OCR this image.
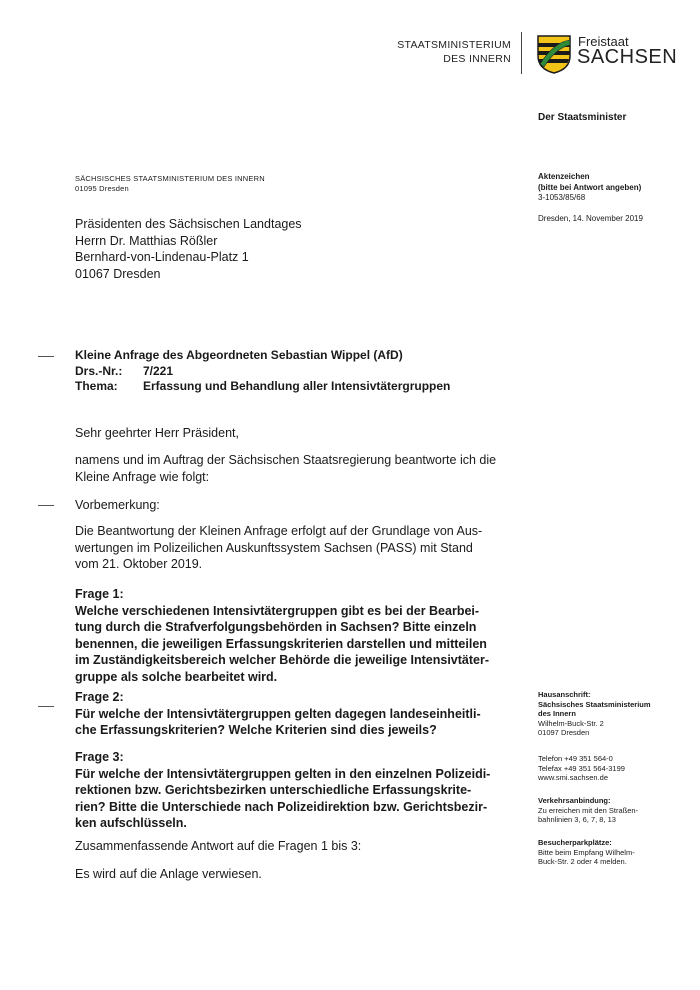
STAATSMINISTERIUM
DES INNERN
Freistaat
SACHSEN
Der Staatsminister
SÄCHSISCHES STAATSMINISTERIUM DES INNERN
01095 Dresden
Aktenzeichen
(bitte bei Antwort angeben)
3-1053/85/68
Dresden, 14. November 2019
Präsidenten des Sächsischen Landtages
Herrn Dr. Matthias Rößler
Bernhard-von-Lindenau-Platz 1
01067 Dresden
Kleine Anfrage des Abgeordneten Sebastian Wippel (AfD)
Drs.-Nr.: 7/221
Thema: Erfassung und Behandlung aller Intensivtätergruppen
Sehr geehrter Herr Präsident,
namens und im Auftrag der Sächsischen Staatsregierung beantworte ich die
Kleine Anfrage wie folgt:
Vorbemerkung:
Die Beantwortung der Kleinen Anfrage erfolgt auf der Grundlage von Aus-
wertungen im Polizeilichen Auskunftssystem Sachsen (PASS) mit Stand
vom 21. Oktober 2019.
Frage 1:
Welche verschiedenen Intensivtätergruppen gibt es bei der Bearbei-
tung durch die Strafverfolgungsbehörden in Sachsen? Bitte einzeln
benennen, die jeweiligen Erfassungskriterien darstellen und mitteilen
im Zuständigkeitsbereich welcher Behörde die jeweilige Intensivtäter-
gruppe als solche bearbeitet wird.
Frage 2:
Für welche der Intensivtätergruppen gelten dagegen landeseinheitli-
che Erfassungskriterien? Welche Kriterien sind dies jeweils?
Frage 3:
Für welche der Intensivtätergruppen gelten in den einzelnen Polizeidi-
rektionen bzw. Gerichtsbezirken unterschiedliche Erfassungskrite-
rien? Bitte die Unterschiede nach Polizeidirektion bzw. Gerichtsbezir-
ken aufschlüsseln.
Zusammenfassende Antwort auf die Fragen 1 bis 3:
Es wird auf die Anlage verwiesen.
Hausanschrift:
Sächsisches Staatsministerium
des Innern
Wilhelm-Buck-Str. 2
01097 Dresden
Telefon +49 351 564-0
Telefax +49 351 564-3199
www.smi.sachsen.de
Verkehrsanbindung:
Zu erreichen mit den Straßen-
bahnlinien 3, 6, 7, 8, 13
Besucherparkplätze:
Bitte beim Empfang Wilhelm-
Buck-Str. 2 oder 4 melden.
